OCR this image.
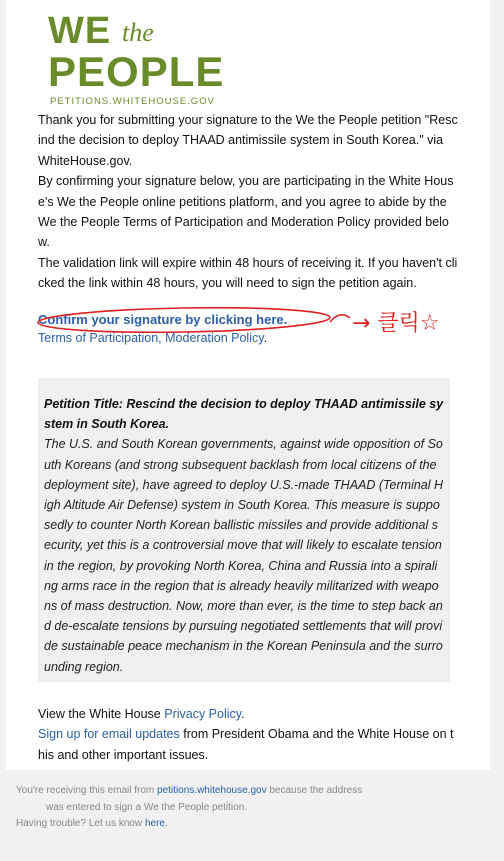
WE the
PEOPLE
PETITIONS.WHITEHOUSE.GOV

Thank you for submitting your signature to the We the People petition "Rescind the decision to deploy THAAD antimissile system in South Korea." via WhiteHouse.gov.

By confirming your signature below, you are participating in the White House's We the People online petitions platform, and you agree to abide by the We the People Terms of Participation and Moderation Policy provided below.

The validation link will expire within 48 hours of receiving it. If you haven't clicked the link within 48 hours, you will need to sign the petition again.

Confirm your signature by clicking here.
Terms of Participation, Moderation Policy.
→ 클릭☆

Petition Title: Rescind the decision to deploy THAAD antimissile system in South Korea.

The U.S. and South Korean governments, against wide opposition of South Koreans (and strong subsequent backlash from local citizens of the deployment site), have agreed to deploy U.S.-made THAAD (Terminal High Altitude Air Defense) system in South Korea. This measure is supposedly to counter North Korean ballistic missiles and provide additional security, yet this is a controversial move that will likely to escalate tension in the region, by provoking North Korea, China and Russia into a spiraling arms race in the region that is already heavily militarized with weapons of mass destruction. Now, more than ever, is the time to step back and de-escalate tensions by pursuing negotiated settlements that will provide sustainable peace mechanism in the Korean Peninsula and the surrounding region.

View the White House Privacy Policy.

Sign up for email updates from President Obama and the White House on this and other important issues.

You're receiving this email from petitions.whitehouse.gov because the address

was entered to sign a We the People petition.

Having trouble? Let us know here.
